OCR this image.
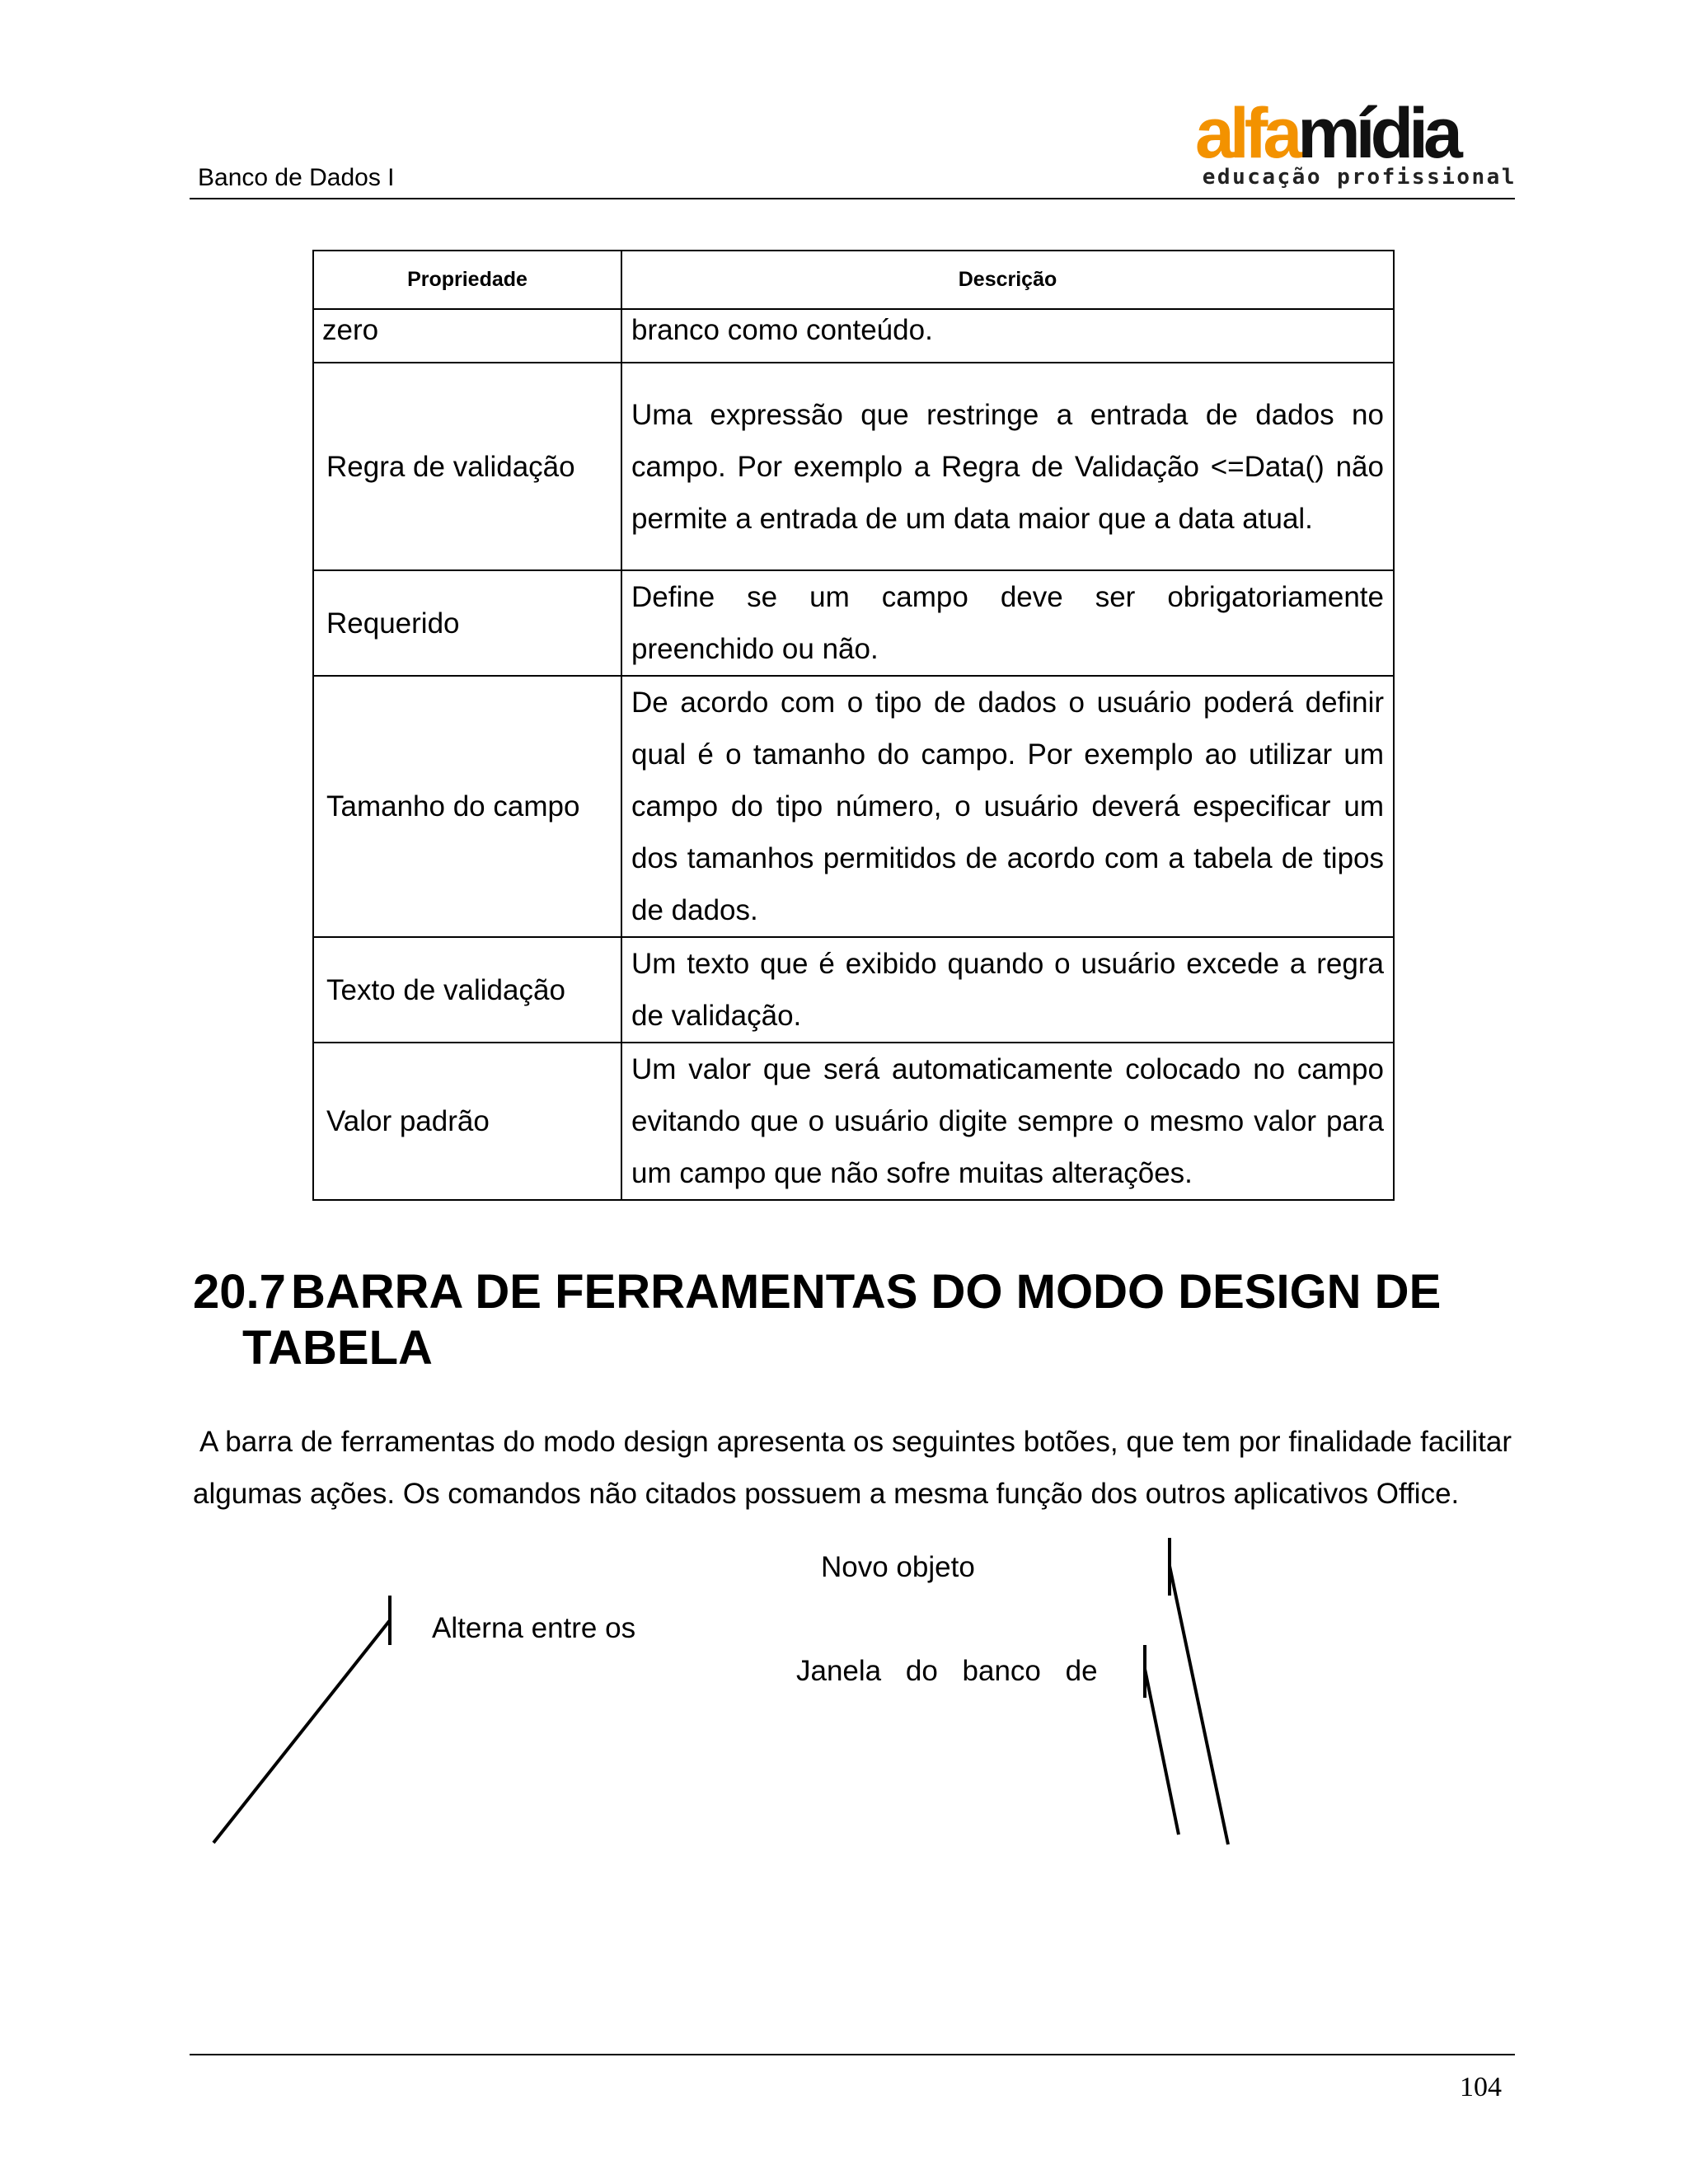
Banco de Dados I
alfamídia
educação profissional
Propriedade	Descrição
zero	branco como conteúdo.
Regra de validação	Uma expressão que restringe a entrada de dados no campo. Por exemplo a Regra de Validação <=Data() não permite a entrada de um data maior que a data atual.
Requerido	Define se um campo deve ser obrigatoriamente preenchido ou não.
Tamanho do campo	De acordo com o tipo de dados o usuário poderá definir qual é o tamanho do campo. Por exemplo ao utilizar um campo do tipo número, o usuário deverá especificar um dos tamanhos permitidos de acordo com a tabela de tipos de dados.
Texto de validação	Um texto que é exibido quando o usuário excede a regra de validação.
Valor padrão	Um valor que será automaticamente colocado no campo evitando que o usuário digite sempre o mesmo valor para um campo que não sofre muitas alterações.
20.7 BARRA DE FERRAMENTAS DO MODO DESIGN DE
TABELA
A barra de ferramentas do modo design apresenta os seguintes botões, que tem por finalidade facilitar algumas ações. Os comandos não citados possuem a mesma função dos outros aplicativos Office.
Novo objeto
Alterna entre os
Janela do banco de
104
